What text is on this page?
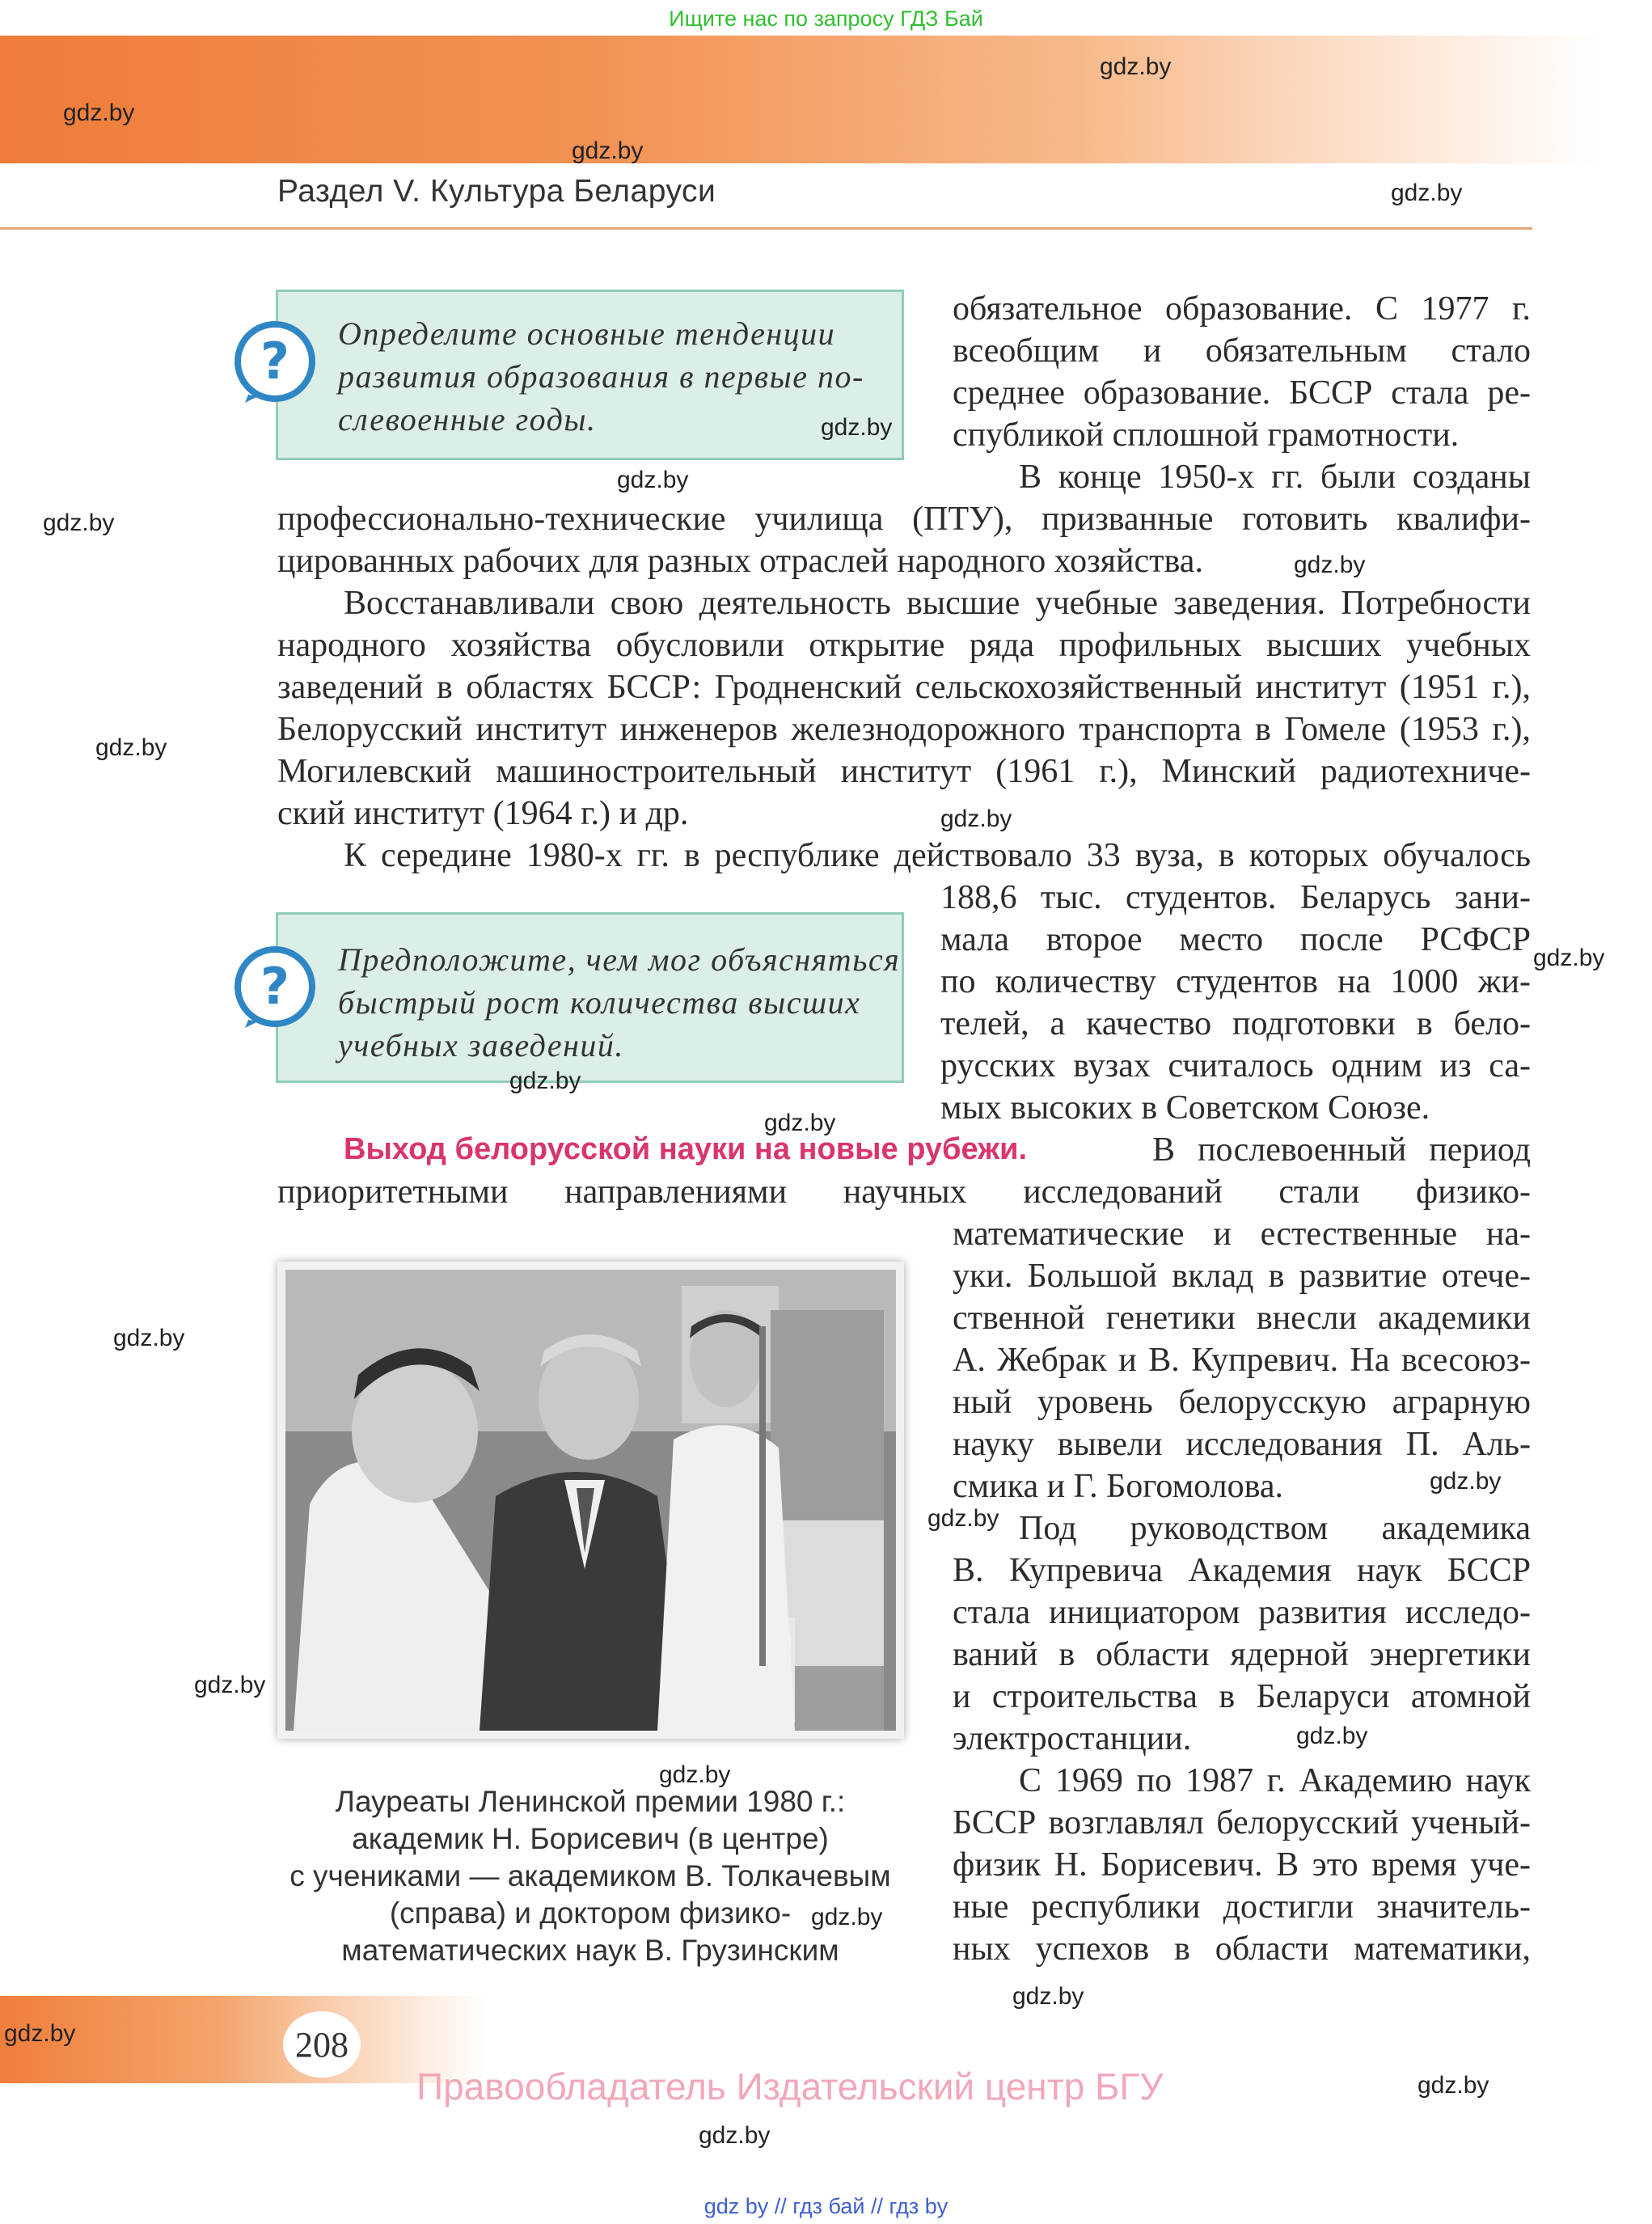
Ищите нас по запросу ГДЗ Бай
Раздел V. Культура Беларуси
? Определите основные тенденции
развития образования в первые по-
слевоенные годы.
? Предположите, чем мог объясняться
быстрый рост количества высших
учебных заведений.
обязательное образование. С 1977 г.
всеобщим и обязательным стало
среднее образование. БССР стала ре-
спубликой сплошной грамотности.
В конце 1950-х гг. были созданы
профессионально-технические училища (ПТУ), призванные готовить квалифи-
цированных рабочих для разных отраслей народного хозяйства.
Восстанавливали свою деятельность высшие учебные заведения. Потребности
народного хозяйства обусловили открытие ряда профильных высших учебных
заведений в областях БССР: Гродненский сельскохозяйственный институт (1951 г.),
Белорусский институт инженеров железнодорожного транспорта в Гомеле (1953 г.),
Могилевский машиностроительный институт (1961 г.), Минский радиотехниче-
ский институт (1964 г.) и др.
К середине 1980-х гг. в республике действовало 33 вуза, в которых обучалось
188,6 тыс. студентов. Беларусь зани-
мала второе место после РСФСР
по количеству студентов на 1000 жи-
телей, а качество подготовки в бело-
русских вузах считалось одним из са-
мых высоких в Советском Союзе.
Выход белорусской науки на новые рубежи.	В послевоенный период
приоритетными направлениями научных исследований стали физико-
математические и естественные на-
уки. Большой вклад в развитие отече-
ственной генетики внесли академики
А. Жебрак и В. Купревич. На всесоюз-
ный уровень белорусскую аграрную
науку вывели исследования П. Аль-
смика и Г. Богомолова.
Под руководством академика
В. Купревича Академия наук БССР
стала инициатором развития исследо-
ваний в области ядерной энергетики
и строительства в Беларуси атомной
электростанции.
С 1969 по 1987 г. Академию наук
БССР возглавлял белорусский ученый-
физик Н. Борисевич. В это время уче-
ные республики достигли значитель-
ных успехов в области математики,
Лауреаты Ленинской премии 1980 г.:
академик Н. Борисевич (в центре)
с учениками — академиком В. Толкачевым
(справа) и доктором физико-
математических наук В. Грузинским
208
Правообладатель Издательский центр БГУ
gdz by // гдз бай // гдз by
gdz.by
gdz.by
gdz.by
gdz.by
gdz.by
gdz.by
gdz.by
gdz.by
gdz.by
gdz.by
gdz.by
gdz.by
gdz.by
gdz.by
gdz.by
gdz.by
gdz.by
gdz.by
gdz.by
gdz.by
gdz.by
gdz.by
gdz.by
gdz.by
